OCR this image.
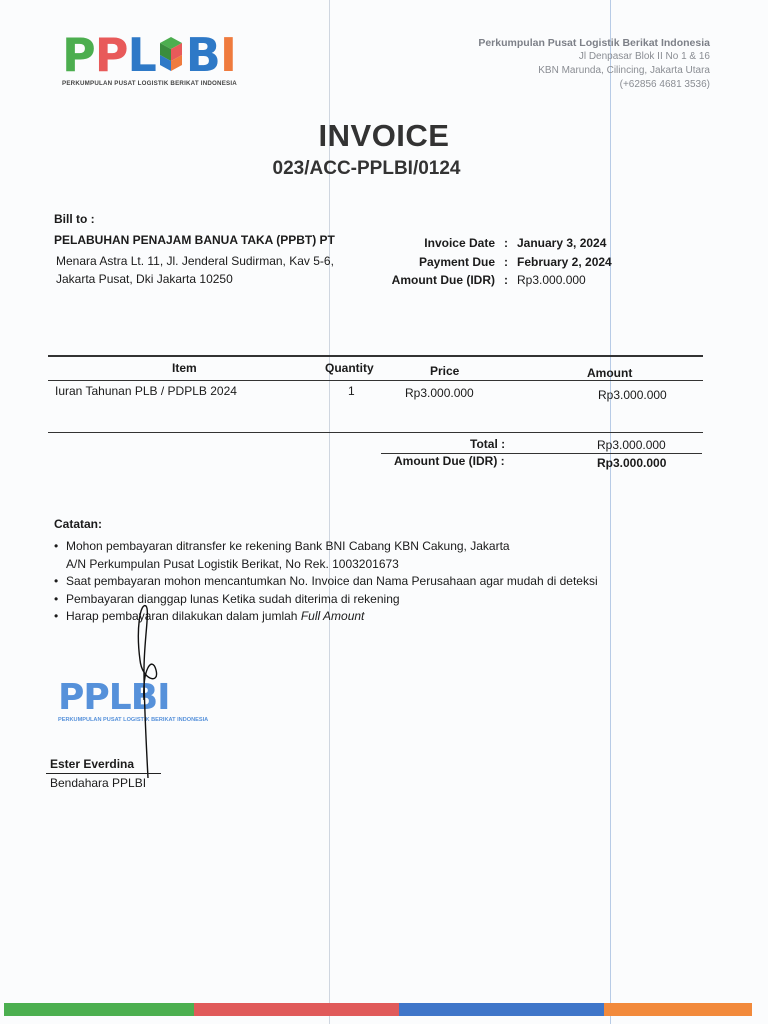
PPL BI
PERKUMPULAN PUSAT LOGISTIK BERIKAT INDONESIA
Perkumpulan Pusat Logistik Berikat Indonesia
Jl Denpasar Blok II No 1 & 16
KBN Marunda, Cilincing, Jakarta Utara
(+62856 4681 3536)
INVOICE
023/ACC-PPLBI/0124
Bill to :
PELABUHAN PENAJAM BANUA TAKA (PPBT) PT
Menara Astra Lt. 11, Jl. Jenderal Sudirman, Kav 5-6, Jakarta Pusat, Dki Jakarta 10250
Invoice Date : January 3, 2024
Payment Due : February 2, 2024
Amount Due (IDR) : Rp3.000.000
Item	Quantity	Price	Amount
Iuran Tahunan PLB / PDPLB 2024	1	Rp3.000.000	Rp3.000.000
Total :	Rp3.000.000
Amount Due (IDR) :	Rp3.000.000
Catatan:
• Mohon pembayaran ditransfer ke rekening Bank BNI Cabang KBN Cakung, Jakarta
A/N Perkumpulan Pusat Logistik Berikat, No Rek. 1003201673
• Saat pembayaran mohon mencantumkan No. Invoice dan Nama Perusahaan agar mudah di deteksi
• Pembayaran dianggap lunas Ketika sudah diterima di rekening
• Harap pembayaran dilakukan dalam jumlah Full Amount
PPLBI
PERKUMPULAN PUSAT LOGISTIK BERIKAT INDONESIA
Ester Everdina
Bendahara PPLBI
